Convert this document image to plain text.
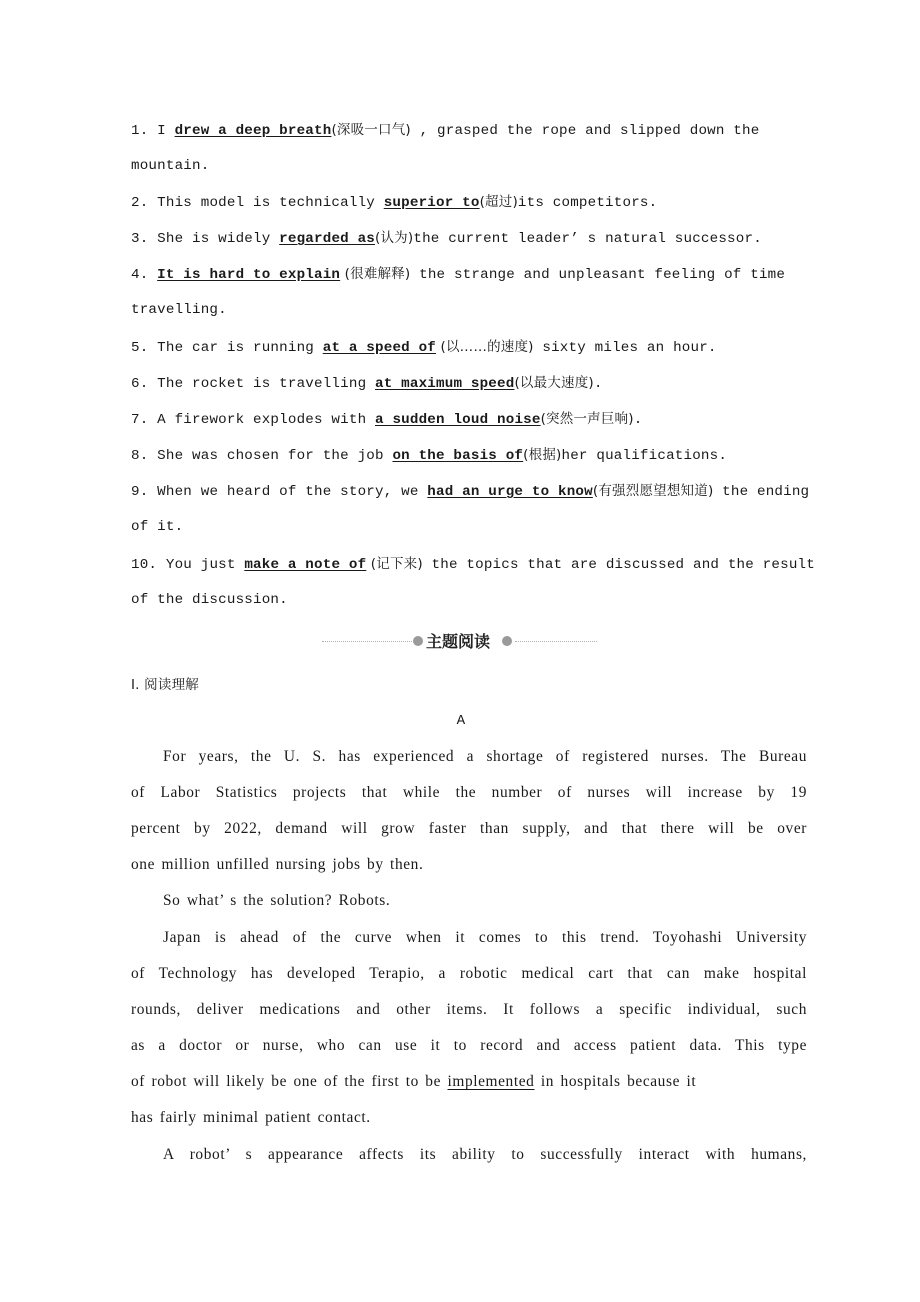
1. I drew a deep breath(深吸一口气) , grasped the rope and slipped down the
mountain.
2. This model is technically superior to(超过)its competitors.
3. She is widely regarded as(认为)the current leader’ s natural successor.
4. It is hard to explain (很难解释) the strange and unpleasant feeling of time
travelling.
5. The car is running at a speed of (以……的速度) sixty miles an hour.
6. The rocket is travelling at maximum speed(以最大速度).
7. A firework explodes with a sudden loud noise(突然一声巨响).
8. She was chosen for the job on the basis of(根据)her qualifications.
9. When we heard of the story, we had an urge to know(有强烈愿望想知道) the ending
of it.
10. You just make a note of (记下来) the topics that are discussed and the result
of the discussion.
Ⅰ. 阅读理解
A
For years, the U. S. has experienced a shortage of registered nurses. The Bureau
of Labor Statistics projects that while the number of nurses will increase by 19
percent by 2022, demand will grow faster than supply, and that there will be over
one million unfilled nursing jobs by then.
So what’ s the solution? Robots.
Japan is ahead of the curve when it comes to this trend. Toyohashi University
of Technology has developed Terapio, a robotic medical cart that can make hospital
rounds, deliver medications and other items. It follows a specific individual, such
as a doctor or nurse, who can use it to record and access patient data. This type
of robot will likely be one of the first to be implemented in hospitals because it
has fairly minimal patient contact.
A robot’ s appearance affects its ability to successfully interact with humans,
主题阅读
